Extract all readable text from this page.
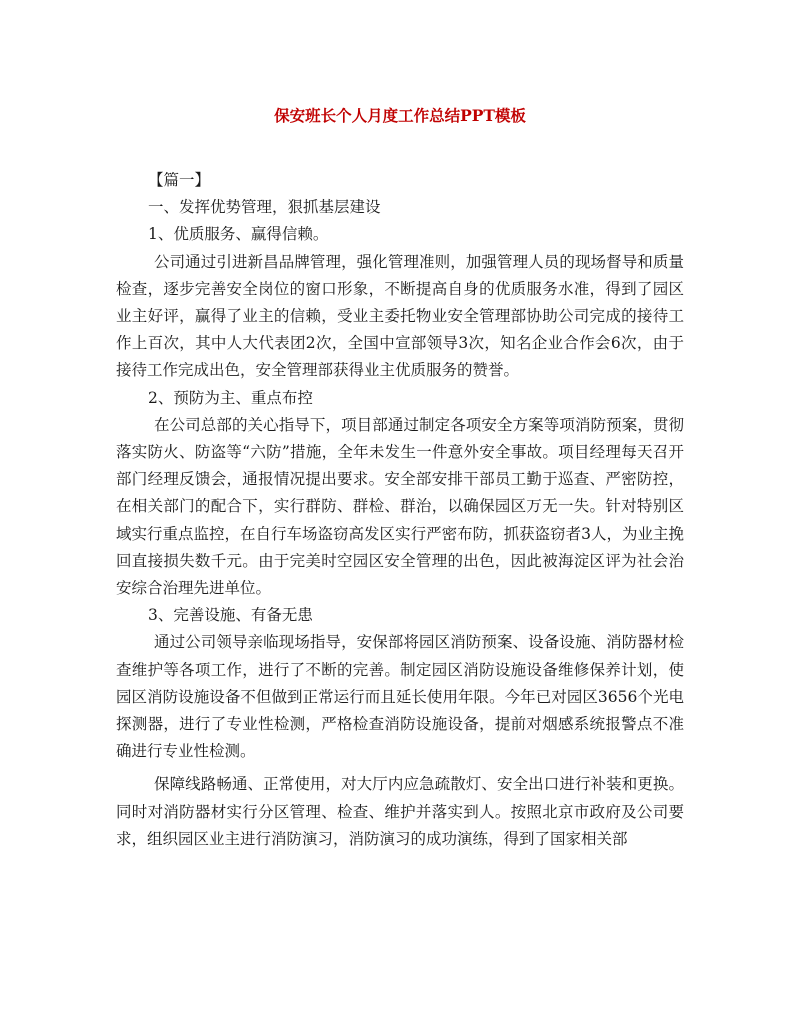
保安班长个人月度工作总结PPT模板

【篇一】

一、发挥优势管理，狠抓基层建设

1、优质服务、赢得信赖。

公司通过引进新昌品牌管理，强化管理准则，加强管理人员的现场督导和质量检查，逐步完善安全岗位的窗口形象，不断提高自身的优质服务水准，得到了园区业主好评，赢得了业主的信赖，受业主委托物业安全管理部协助公司完成的接待工作上百次，其中人大代表团2次，全国中宣部领导3次，知名企业合作会6次，由于接待工作完成出色，安全管理部获得业主优质服务的赞誉。

2、预防为主、重点布控

在公司总部的关心指导下，项目部通过制定各项安全方案等项消防预案，贯彻落实防火、防盗等“六防”措施，全年未发生一件意外安全事故。项目经理每天召开部门经理反馈会，通报情况提出要求。安全部安排干部员工勤于巡查、严密防控，在相关部门的配合下，实行群防、群检、群治，以确保园区万无一失。针对特别区域实行重点监控，在自行车场盗窃高发区实行严密布防，抓获盗窃者3人，为业主挽回直接损失数千元。由于完美时空园区安全管理的出色，因此被海淀区评为社会治安综合治理先进单位。

3、完善设施、有备无患

通过公司领导亲临现场指导，安保部将园区消防预案、设备设施、消防器材检查维护等各项工作，进行了不断的完善。制定园区消防设施设备维修保养计划，使园区消防设施设备不但做到正常运行而且延长使用年限。今年已对园区3656个光电探测器，进行了专业性检测，严格检查消防设施设备，提前对烟感系统报警点不准确进行专业性检测。

保障线路畅通、正常使用，对大厅内应急疏散灯、安全出口进行补装和更换。同时对消防器材实行分区管理、检查、维护并落实到人。按照北京市政府及公司要求，组织园区业主进行消防演习，消防演习的成功演练，得到了国家相关部
